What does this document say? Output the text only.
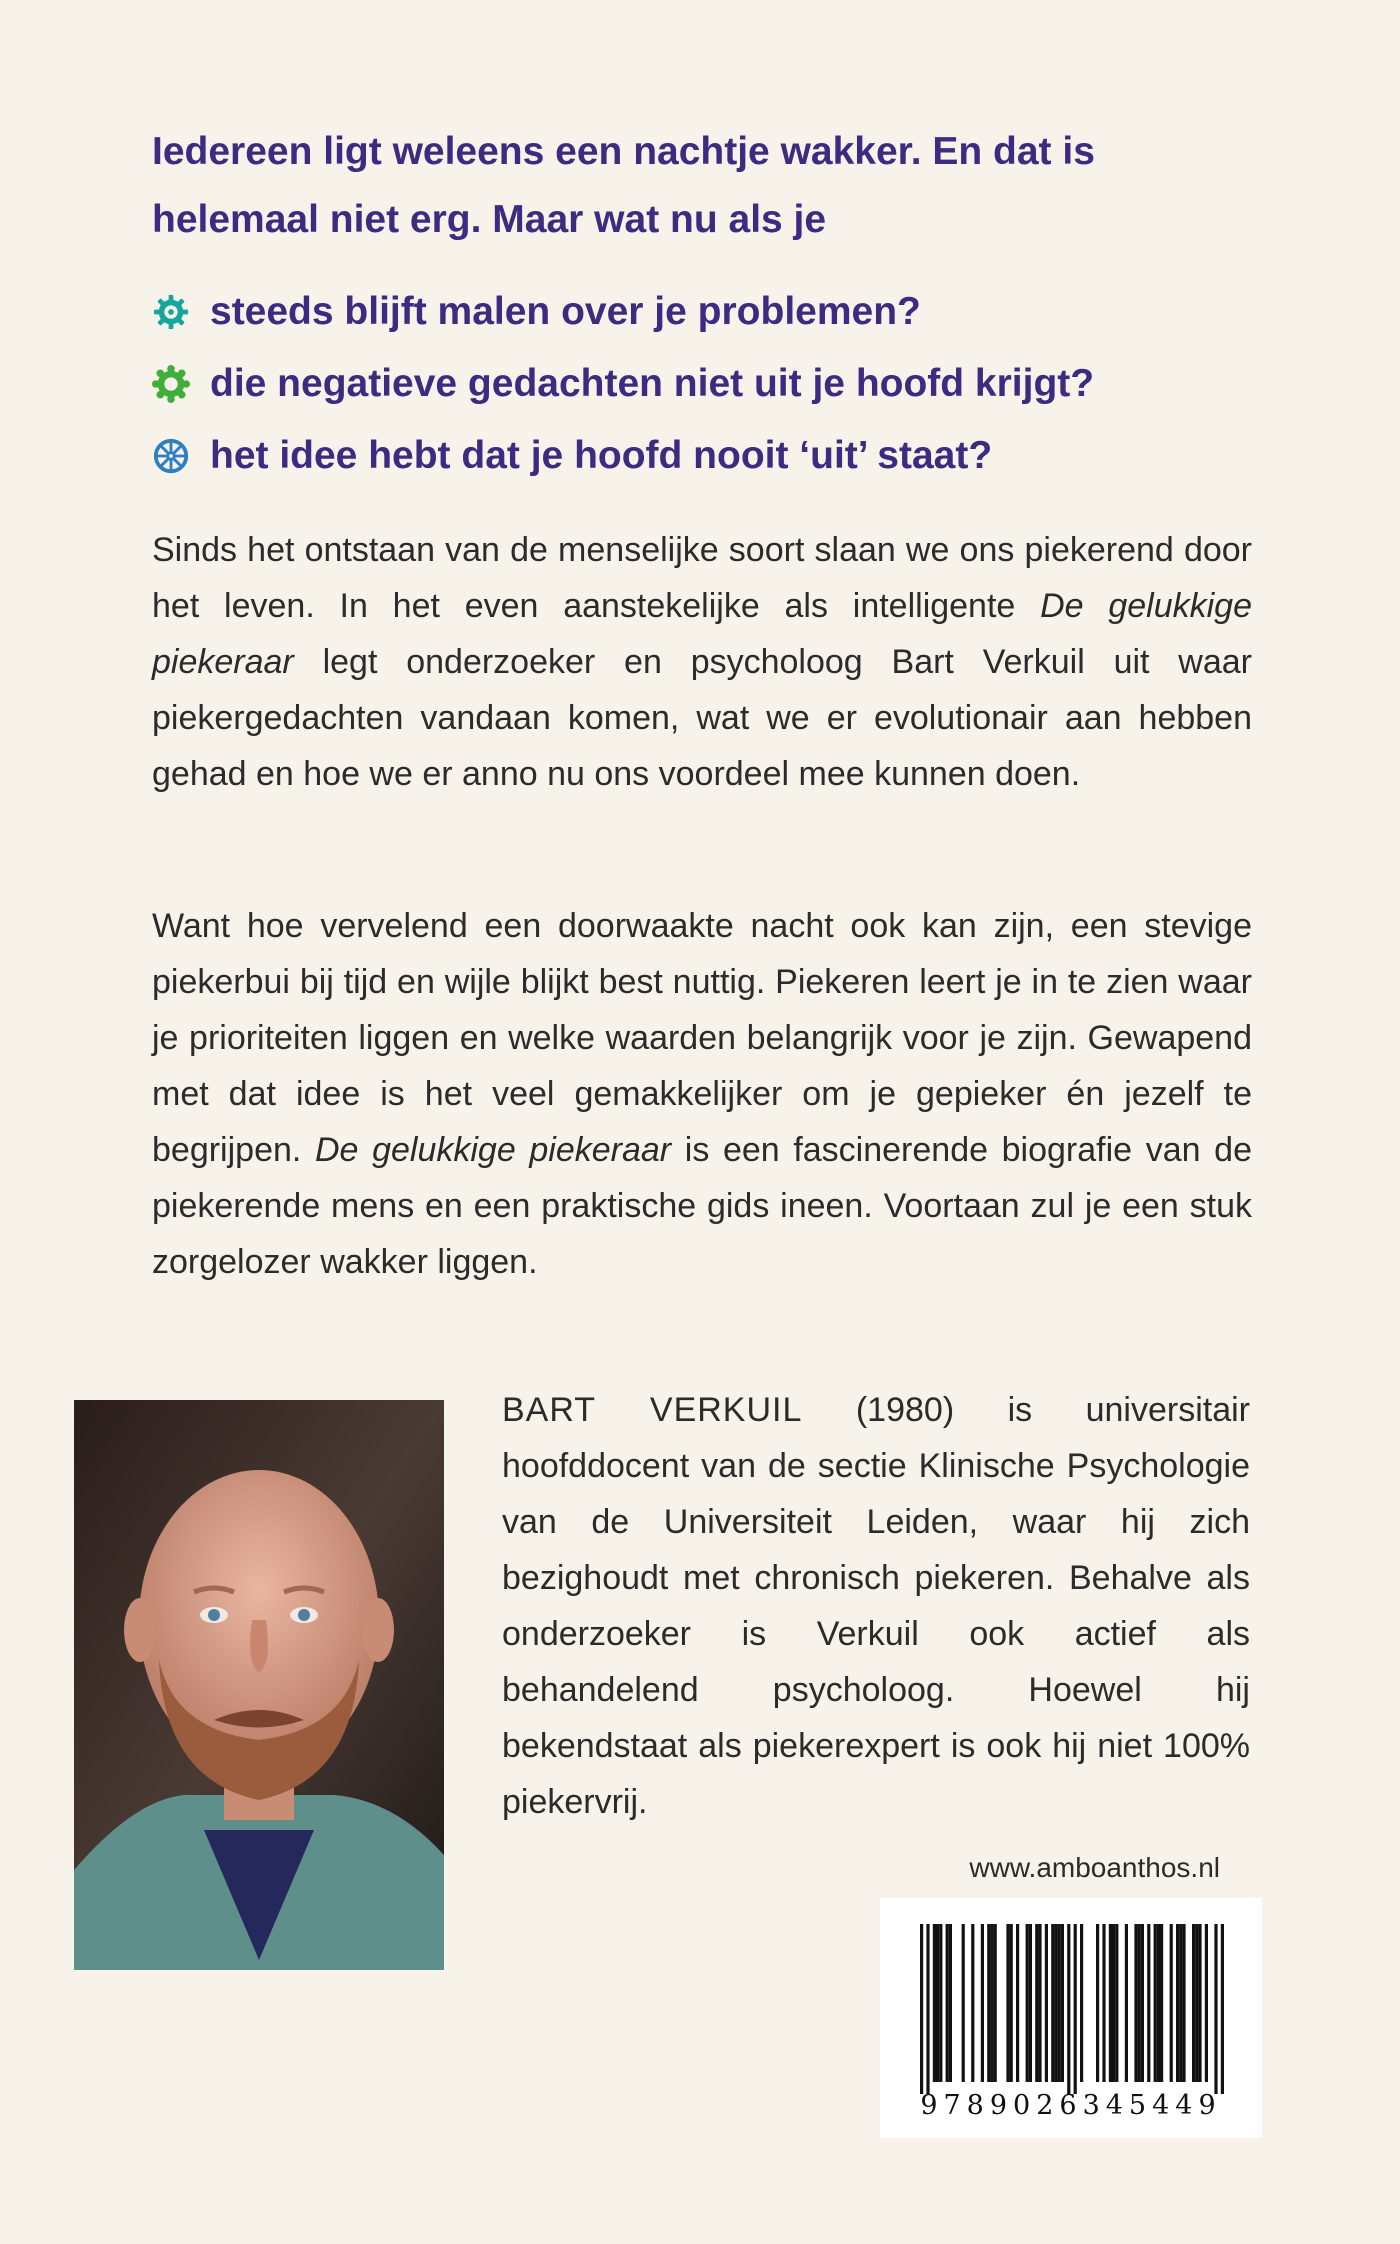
Iedereen ligt weleens een nachtje wakker. En dat is
helemaal niet erg. Maar wat nu als je
steeds blijft malen over je problemen?
die negatieve gedachten niet uit je hoofd krijgt?
het idee hebt dat je hoofd nooit ‘uit’ staat?

Sinds het ontstaan van de menselijke soort slaan we ons piekerend door het leven. In het even aanstekelijke als intelligente De gelukkige piekeraar legt onderzoeker en psycholoog Bart Verkuil uit waar piekergedachten vandaan komen, wat we er evolutionair aan hebben gehad en hoe we er anno nu ons voordeel mee kunnen doen.

Want hoe vervelend een doorwaakte nacht ook kan zijn, een stevige piekerbui bij tijd en wijle blijkt best nuttig. Piekeren leert je in te zien waar je prioriteiten liggen en welke waarden belangrijk voor je zijn. Gewapend met dat idee is het veel gemakkelijker om je gepieker én jezelf te begrijpen. De gelukkige piekeraar is een fascinerende biografie van de piekerende mens en een praktische gids ineen. Voortaan zul je een stuk zorgelozer wakker liggen.

BART VERKUIL (1980) is universitair hoofddocent van de sectie Klinische Psychologie van de Universiteit Leiden, waar hij zich bezighoudt met chronisch piekeren. Behalve als onderzoeker is Verkuil ook actief als behandelend psycholoog. Hoewel hij bekendstaat als piekerexpert is ook hij niet 100% piekervrij.

www.amboanthos.nl
9789026345449
